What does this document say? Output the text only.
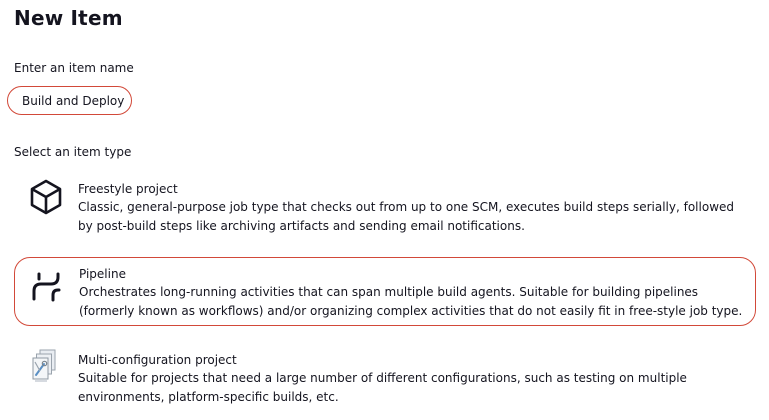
New Item
Enter an item name
Build and Deploy
Select an item type
Freestyle project
Classic, general-purpose job type that checks out from up to one SCM, executes build steps serially, followed by post-build steps like archiving artifacts and sending email notifications.
Pipeline
Orchestrates long-running activities that can span multiple build agents. Suitable for building pipelines (formerly known as workflows) and/or organizing complex activities that do not easily fit in free-style job type.
Multi-configuration project
Suitable for projects that need a large number of different configurations, such as testing on multiple environments, platform-specific builds, etc.
